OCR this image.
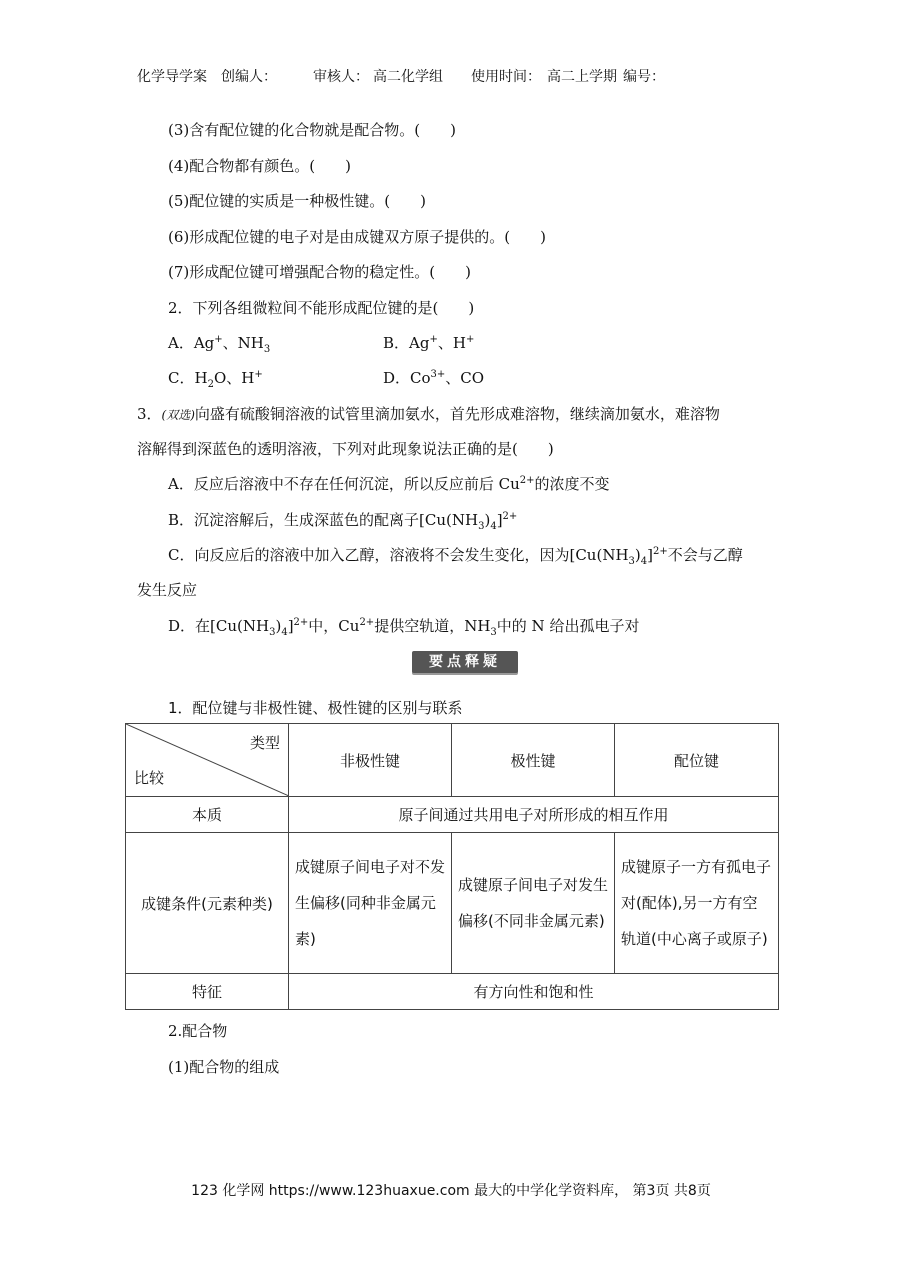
化学导学案 创编人：	审核人： 高二化学组 使用时间： 高二上学期 编号：
(3)含有配位键的化合物就是配合物。(　　)
(4)配合物都有颜色。(　　)
(5)配位键的实质是一种极性键。(　　)
(6)形成配位键的电子对是由成键双方原子提供的。(　　)
(7)形成配位键可增强配合物的稳定性。(　　)
2．下列各组微粒间不能形成配位键的是(　　)
A．Ag+、$NH_3$	B．Ag+、H+
C．$H_2O$、H+	D．$Co^{3+}$、CO
3．(双选)向盛有硫酸铜溶液的试管里滴加氨水，首先形成难溶物，继续滴加氨水，难溶物
溶解得到深蓝色的透明溶液，下列对此现象说法正确的是(　　)
A．反应后溶液中不存在任何沉淀，所以反应前后 $Cu^{2+}$的浓度不变
B．沉淀溶解后，生成深蓝色的配离子$[Cu(NH_3)_4]^{2+}$
C．向反应后的溶液中加入乙醇，溶液将不会发生变化，因为$[Cu(NH_3)_4]^{2+}$不会与乙醇
发生反应
D．在$[Cu(NH_3)_4]^{2+}$中，$Cu^{2+}$提供空轨道，$NH_3$中的 N 给出孤电子对
要点释疑
1．配位键与非极性键、极性键的区别与联系
类型
比较	非极性键	极性键	配位键
本质	原子间通过共用电子对所形成的相互作用		
成键条件(元素种类)	成键原子间电子对不发生偏移(同种非金属元素)	成键原子间电子对发生偏移(不同非金属元素)	成键原子一方有孤电子对(配体),另一方有空轨道(中心离子或原子)
特征	有方向性和饱和性		
2.配合物
(1)配合物的组成
123 化学网 https://www.123huaxue.com 最大的中学化学资料库， 第3页 共8页
